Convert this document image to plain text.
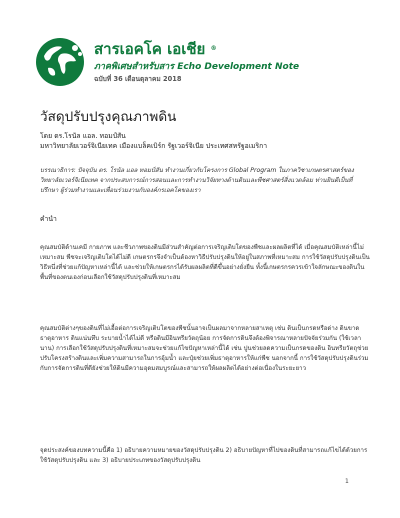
สารเอคโค เอเชีย ®
ภาคพิเศษสำหรับสาร Echo Development Note
ฉบับที่ 36 เดือนตุลาคม 2018
วัสดุปรับปรุงคุณภาพดิน
โดย ดร.โรนัล แอล. ทอมป์สัน
มหาวิทยาลัยเวอร์จิเนียเทค เมืองแบล็คเบิร์ก รัฐเวอร์จิเนีย ประเทศสหรัฐอเมริกา
บรรณาธิการ: ปัจจุบัน ดร. โรนัล แอล ทอมป์สัน ทำงานเกี่ยวกับโครงการ Global Program ในภาควิชาเกษตรศาสตร์ของวิทยาลัยเวอร์จิเนียเทค จากประสบการณ์การสอนและการทำงานวิจัยทางด้านดินและพืชศาสตร์สิ่งแวดล้อม ท่านยินดีเป็นที่ปรึกษา ผู้ร่วมทำงานและเพื่อนร่วมงานกับองค์กรเอคโคของเรา
คำนำ
คุณสมบัติด้านเคมี กายภาพ และชีวภาพของดินมีส่วนสำคัญต่อการเจริญเติบโตของพืชและผลผลิตที่ได้ เมื่อคุณสมบัติเหล่านี้ไม่เหมาะสม พืชจะเจริญเติบโตได้ไม่ดี เกษตรกรจึงจำเป็นต้องหาวิธีปรับปรุงดินให้อยู่ในสภาพที่เหมาะสม การใช้วัสดุปรับปรุงดินเป็นวิธีหนึ่งที่ช่วยแก้ปัญหาเหล่านี้ได้ และช่วยให้เกษตรกรได้รับผลผลิตที่ดีขึ้นอย่างยั่งยืน ทั้งนี้เกษตรกรควรเข้าใจลักษณะของดินในพื้นที่ของตนเองก่อนเลือกใช้วัสดุปรับปรุงดินที่เหมาะสม
คุณสมบัติต่างๆของดินที่ไม่เอื้อต่อการเจริญเติบโตของพืชนั้นอาจเป็นผลมาจากหลายสาเหตุ เช่น ดินเป็นกรดหรือด่าง ดินขาดธาตุอาหาร ดินแน่นทึบ ระบายน้ำได้ไม่ดี หรือดินมีอินทรียวัตถุน้อย การจัดการดินจึงต้องพิจารณาหลายปัจจัยร่วมกัน (ใช้เวลานาน) การเลือกใช้วัสดุปรับปรุงดินที่เหมาะสมจะช่วยแก้ไขปัญหาเหล่านี้ได้ เช่น ปูนช่วยลดความเป็นกรดของดิน อินทรียวัตถุช่วยปรับโครงสร้างดินและเพิ่มความสามารถในการอุ้มน้ำ และปุ๋ยช่วยเพิ่มธาตุอาหารให้แก่พืช นอกจากนี้ การใช้วัสดุปรับปรุงดินร่วมกับการจัดการดินที่ดียังช่วยให้ดินมีความอุดมสมบูรณ์และสามารถให้ผลผลิตได้อย่างต่อเนื่องในระยะยาว
จุดประสงค์ของบทความนี้คือ 1) อธิบายความหมายของวัสดุปรับปรุงดิน 2) อธิบายปัญหาที่ไปของดินที่สามารถแก้ไขได้ด้วยการใช้วัสดุปรับปรุงดิน และ 3) อธิบายประเภทของวัสดุปรับปรุงดิน
1
